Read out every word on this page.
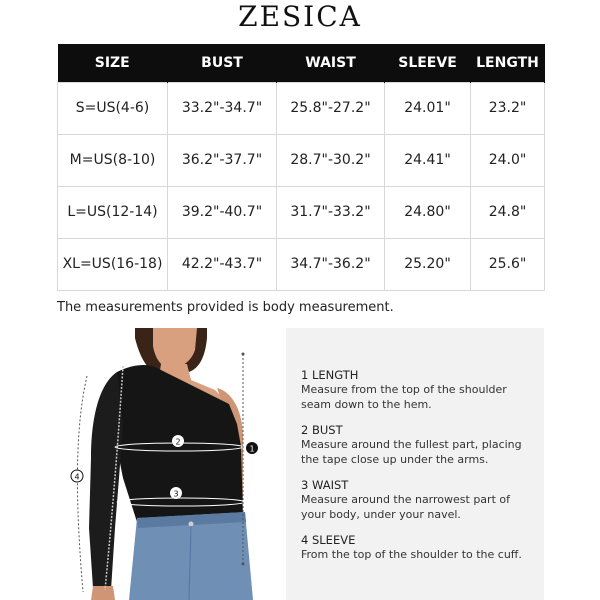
ZESICA
SIZE	BUST	WAIST	SLEEVE	LENGTH
S=US(4-6)	33.2"-34.7"	25.8"-27.2"	24.01"	23.2"
M=US(8-10)	36.2"-37.7"	28.7"-30.2"	24.41"	24.0"
L=US(12-14)	39.2"-40.7"	31.7"-33.2"	24.80"	24.8"
XL=US(16-18)	42.2"-43.7"	34.7"-36.2"	25.20"	25.6"
The measurements provided is body measurement.
1
2
3
4
1 LENGTH
Measure from the top of the shoulder seam down to the hem.
2 BUST
Measure around the fullest part, placing the tape close up under the arms.
3 WAIST
Measure around the narrowest part of your body, under your navel.
4 SLEEVE
From the top of the shoulder to the cuff.
